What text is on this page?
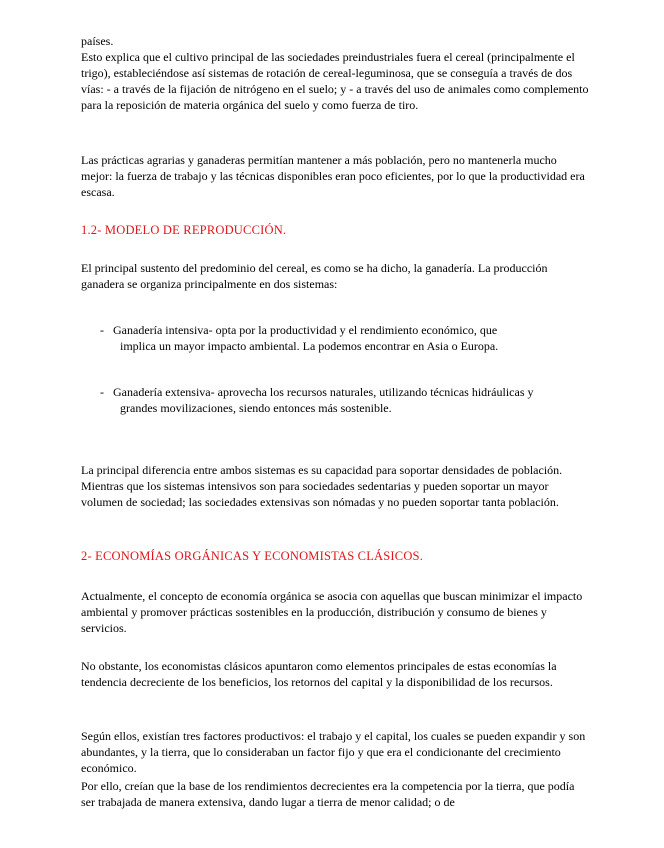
países.

Esto explica que el cultivo principal de las sociedades preindustriales fuera el cereal (principalmente el trigo), estableciéndose así sistemas de rotación de cereal-leguminosa, que se conseguía a través de dos vías: - a través de la fijación de nitrógeno en el suelo; y - a través del uso de animales como complemento para la reposición de materia orgánica del suelo y como fuerza de tiro.

Las prácticas agrarias y ganaderas permitían mantener a más población, pero no mantenerla mucho mejor: la fuerza de trabajo y las técnicas disponibles eran poco eficientes, por lo que la productividad era escasa.

1.2- MODELO DE REPRODUCCIÓN.

El principal sustento del predominio del cereal, es como se ha dicho, la ganadería. La producción ganadera se organiza principalmente en dos sistemas:

- Ganadería intensiva- opta por la productividad y el rendimiento económico, que
implica un mayor impacto ambiental. La podemos encontrar en Asia o Europa.
- Ganadería extensiva- aprovecha los recursos naturales, utilizando técnicas hidráulicas y
grandes movilizaciones, siendo entonces más sostenible.

La principal diferencia entre ambos sistemas es su capacidad para soportar densidades de población. Mientras que los sistemas intensivos son para sociedades sedentarias y pueden soportar un mayor volumen de sociedad; las sociedades extensivas son nómadas y no pueden soportar tanta población.

2- ECONOMÍAS ORGÁNICAS Y ECONOMISTAS CLÁSICOS.

Actualmente, el concepto de economía orgánica se asocia con aquellas que buscan minimizar el impacto ambiental y promover prácticas sostenibles en la producción, distribución y consumo de bienes y servicios.

No obstante, los economistas clásicos apuntaron como elementos principales de estas economías la tendencia decreciente de los beneficios, los retornos del capital y la disponibilidad de los recursos.

Según ellos, existían tres factores productivos: el trabajo y el capital, los cuales se pueden expandir y son abundantes, y la tierra, que lo consideraban un factor fijo y que era el condicionante del crecimiento económico.

Por ello, creían que la base de los rendimientos decrecientes era la competencia por la tierra, que podía ser trabajada de manera extensiva, dando lugar a tierra de menor calidad; o de
